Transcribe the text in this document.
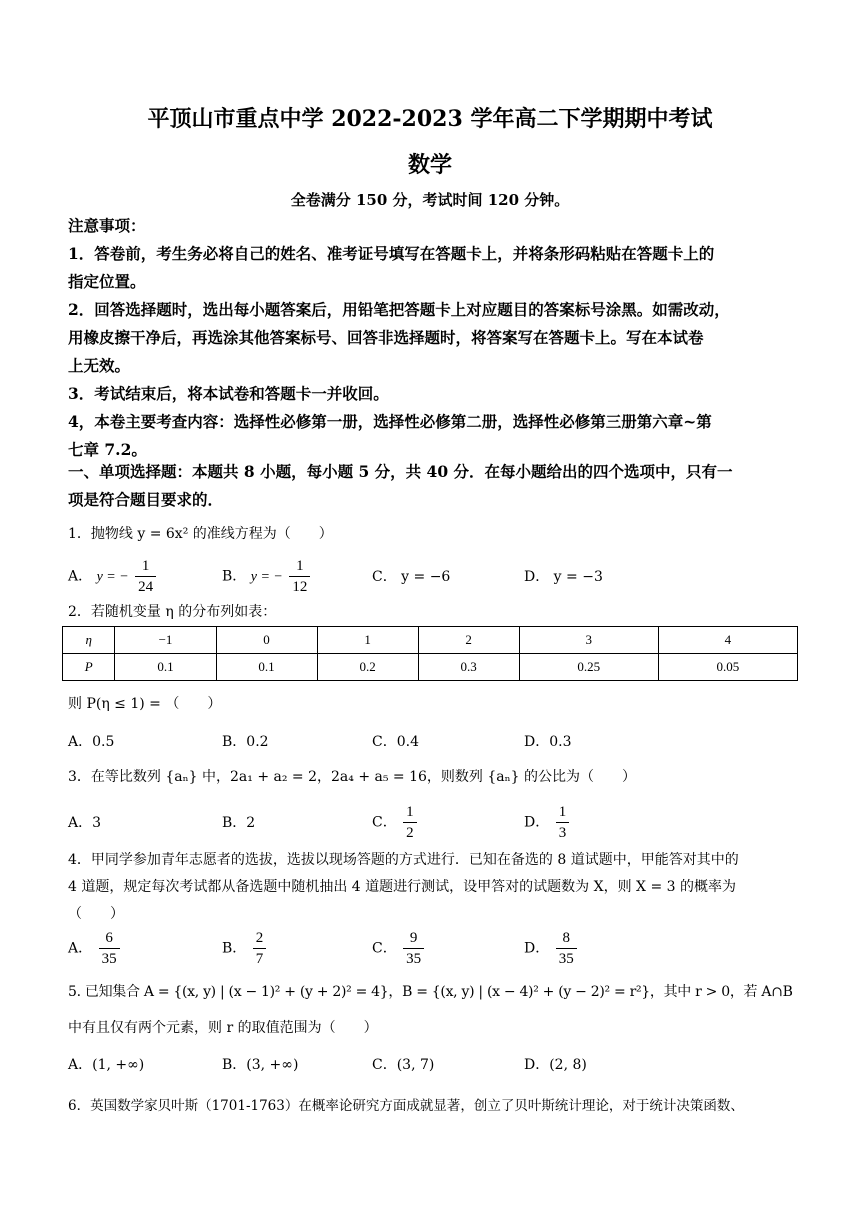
平顶山市重点中学 2022-2023 学年高二下学期期中考试
数学
全卷满分 150 分，考试时间 120 分钟。
注意事项：
1．答卷前，考生务必将自己的姓名、准考证号填写在答题卡上，并将条形码粘贴在答题卡上的
指定位置。
2．回答选择题时，选出每小题答案后，用铅笔把答题卡上对应题目的答案标号涂黑。如需改动，
用橡皮擦干净后，再选涂其他答案标号、回答非选择题时，将答案写在答题卡上。写在本试卷
上无效。
3．考试结束后，将本试卷和答题卡一并收回。
4，本卷主要考查内容：选择性必修第一册，选择性必修第二册，选择性必修第三册第六章~第
七章 7.2。
一、单项选择题：本题共 8 小题，每小题 5 分，共 40 分．在每小题给出的四个选项中，只有一
项是符合题目要求的．
1．抛物线 y = 6x² 的准线方程为（　　）
A． y = − $\frac{1}{24}$	B． y = − $\frac{1}{12}$	C． y = −6	D． y = −3
2．若随机变量 η 的分布列如表：
η	−1	0	1	2	3	4
P	0.1	0.1	0.2	0.3	0.25	0.05
则 P(η ≤ 1) = （　　）
A．0.5	B．0.2	C．0.4	D．0.3
3．在等比数列 {aₙ} 中，2a₁ + a₂ = 2，2a₄ + a₅ = 16，则数列 {aₙ} 的公比为（　　）
A．3	B．2	C． $\frac{1}{2}$	D． $\frac{1}{3}$
4．甲同学参加青年志愿者的选拔，选拔以现场答题的方式进行．已知在备选的 8 道试题中，甲能答对其中的
4 道题，规定每次考试都从备选题中随机抽出 4 道题进行测试，设甲答对的试题数为 X，则 X = 3 的概率为
（　　）
A． $\frac{6}{35}$	B． $\frac{2}{7}$	C． $\frac{9}{35}$	D． $\frac{8}{35}$
5. 已知集合 A = {(x, y) | (x − 1)² + (y + 2)² = 4}，B = {(x, y) | (x − 4)² + (y − 2)² = r²}，其中 r > 0，若 A∩B
中有且仅有两个元素，则 r 的取值范围为（　　）
A．(1, +∞)	B．(3, +∞)	C．(3, 7)	D．(2, 8)
6．英国数学家贝叶斯（1701-1763）在概率论研究方面成就显著，创立了贝叶斯统计理论，对于统计决策函数、
